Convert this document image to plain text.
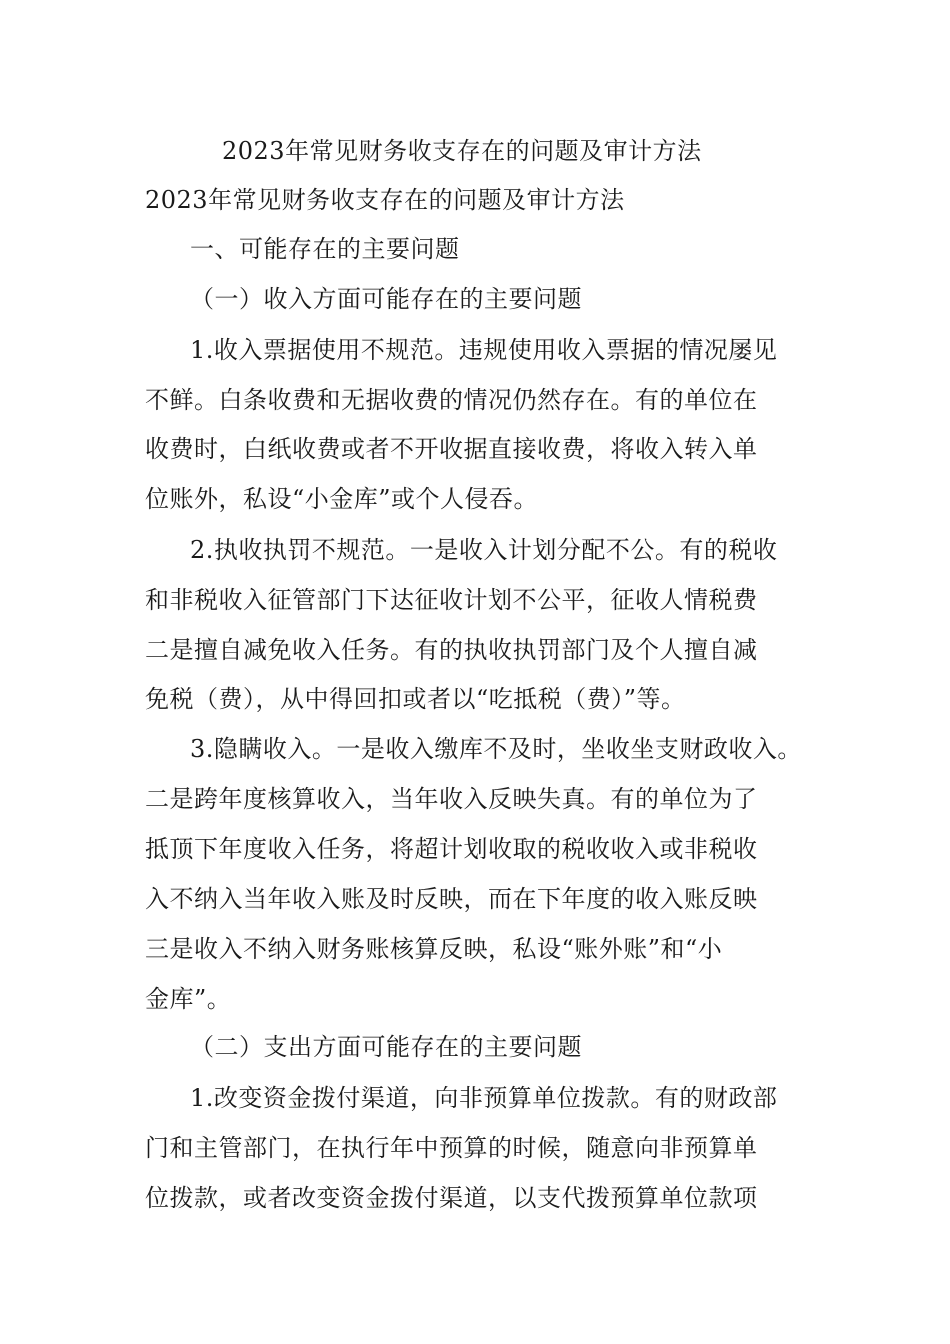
2023年常见财务收支存在的问题及审计方法
2023年常见财务收支存在的问题及审计方法
一、可能存在的主要问题
（一）收入方面可能存在的主要问题
1.收入票据使用不规范。违规使用收入票据的情况屡见
不鲜。白条收费和无据收费的情况仍然存在。有的单位在
收费时，白纸收费或者不开收据直接收费，将收入转入单
位账外，私设“小金库”或个人侵吞。
2.执收执罚不规范。一是收入计划分配不公。有的税收
和非税收入征管部门下达征收计划不公平，征收人情税费
二是擅自减免收入任务。有的执收执罚部门及个人擅自减
免税（费），从中得回扣或者以“吃抵税（费）”等。
3.隐瞒收入。一是收入缴库不及时，坐收坐支财政收入。
二是跨年度核算收入，当年收入反映失真。有的单位为了
抵顶下年度收入任务，将超计划收取的税收收入或非税收
入不纳入当年收入账及时反映，而在下年度的收入账反映
三是收入不纳入财务账核算反映，私设“账外账”和“小
金库”。
（二）支出方面可能存在的主要问题
1.改变资金拨付渠道，向非预算单位拨款。有的财政部
门和主管部门，在执行年中预算的时候，随意向非预算单
位拨款，或者改变资金拨付渠道，以支代拨预算单位款项
